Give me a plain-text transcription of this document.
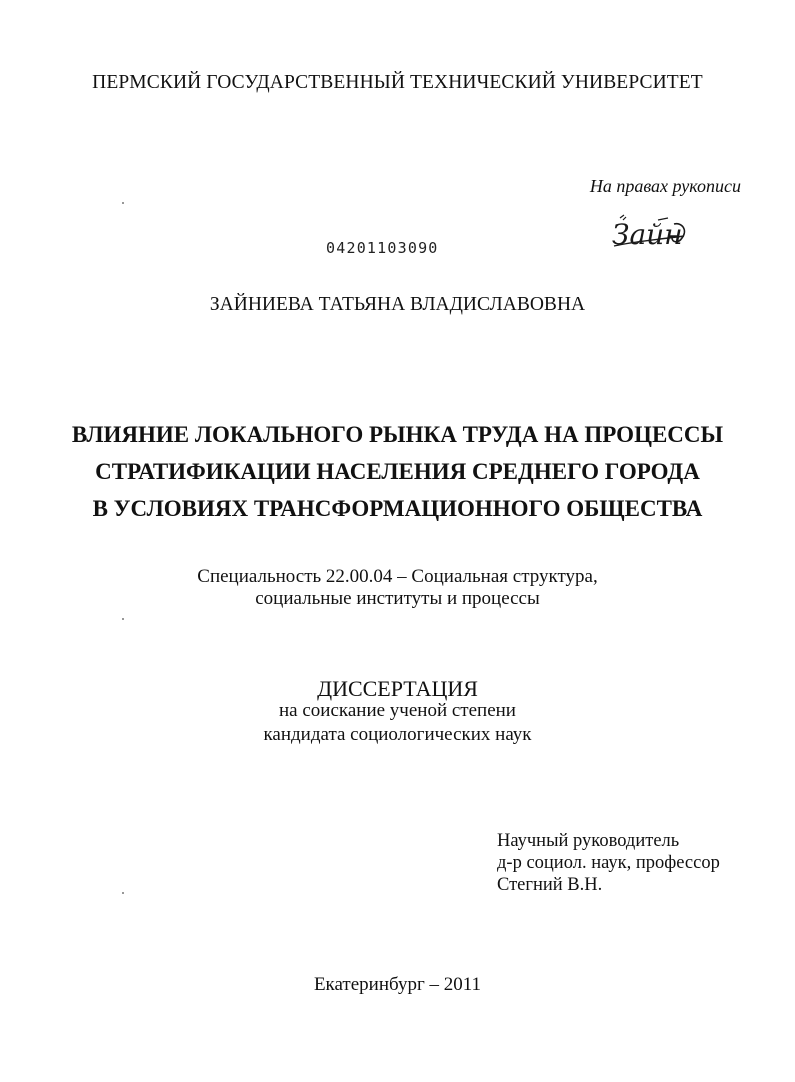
ПЕРМСКИЙ ГОСУДАРСТВЕННЫЙ ТЕХНИЧЕСКИЙ УНИВЕРСИТЕТ
На правах рукописи
Зайн
04201103090
ЗАЙНИЕВА ТАТЬЯНА ВЛАДИСЛАВОВНА
ВЛИЯНИЕ ЛОКАЛЬНОГО РЫНКА ТРУДА НА ПРОЦЕССЫ
СТРАТИФИКАЦИИ НАСЕЛЕНИЯ СРЕДНЕГО ГОРОДА
В УСЛОВИЯХ ТРАНСФОРМАЦИОННОГО ОБЩЕСТВА
Специальность 22.00.04 – Социальная структура,
социальные институты и процессы
ДИССЕРТАЦИЯ
на соискание ученой степени
кандидата социологических наук
Научный руководитель
д-р социол. наук, профессор
Стегний В.Н.
Екатеринбург – 2011
